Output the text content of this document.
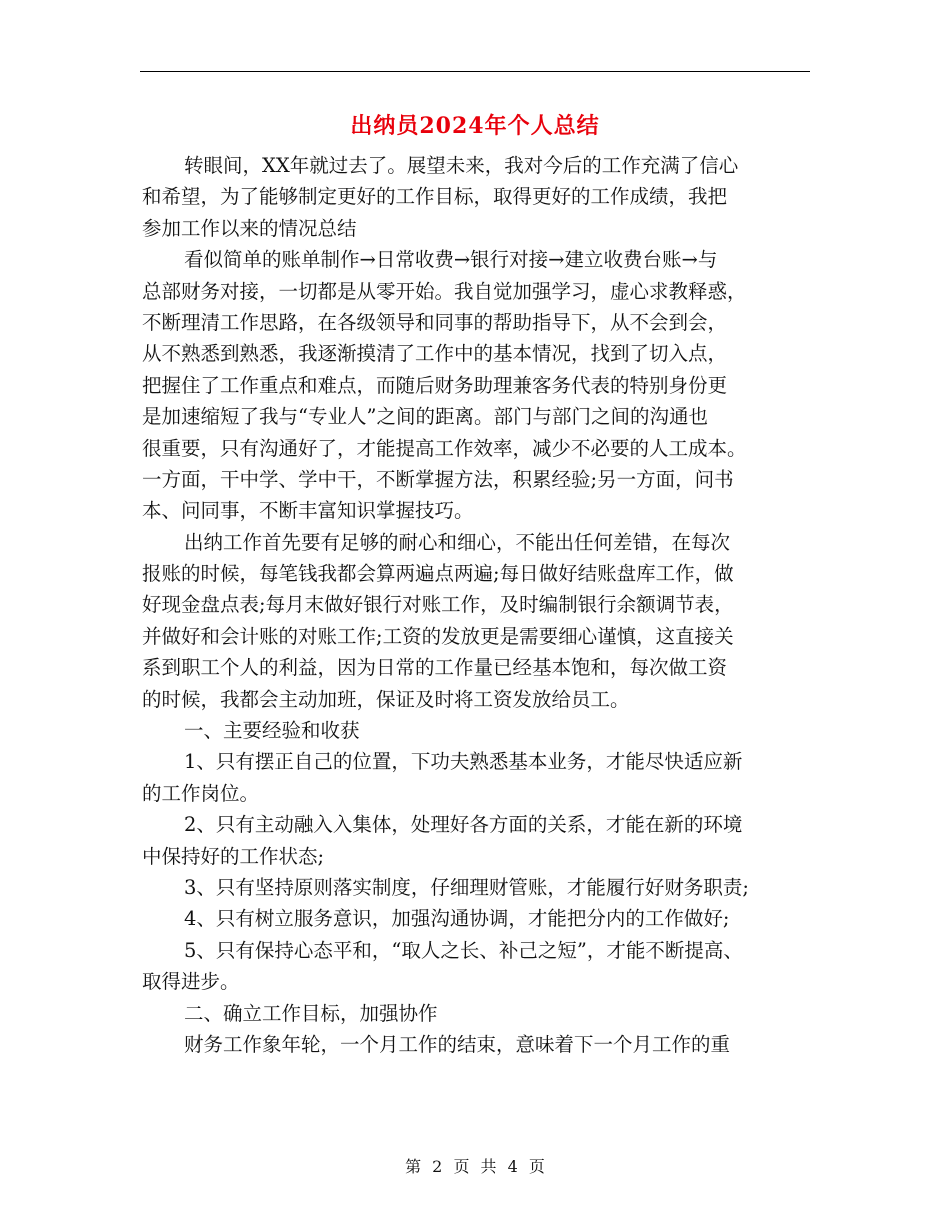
出纳员2024年个人总结
转眼间，XX年就过去了。展望未来，我对今后的工作充满了信心
和希望，为了能够制定更好的工作目标，取得更好的工作成绩，我把
参加工作以来的情况总结
看似简单的账单制作→日常收费→银行对接→建立收费台账→与
总部财务对接，一切都是从零开始。我自觉加强学习，虚心求教释惑，
不断理清工作思路，在各级领导和同事的帮助指导下，从不会到会，
从不熟悉到熟悉，我逐渐摸清了工作中的基本情况，找到了切入点，
把握住了工作重点和难点，而随后财务助理兼客务代表的特别身份更
是加速缩短了我与“专业人”之间的距离。部门与部门之间的沟通也
很重要，只有沟通好了，才能提高工作效率，减少不必要的人工成本。
一方面，干中学、学中干，不断掌握方法，积累经验;另一方面，问书
本、问同事，不断丰富知识掌握技巧。
出纳工作首先要有足够的耐心和细心，不能出任何差错，在每次
报账的时候，每笔钱我都会算两遍点两遍;每日做好结账盘库工作，做
好现金盘点表;每月末做好银行对账工作，及时编制银行余额调节表，
并做好和会计账的对账工作;工资的发放更是需要细心谨慎，这直接关
系到职工个人的利益，因为日常的工作量已经基本饱和，每次做工资
的时候，我都会主动加班，保证及时将工资发放给员工。
一、主要经验和收获
1、只有摆正自己的位置，下功夫熟悉基本业务，才能尽快适应新
的工作岗位。
2、只有主动融入入集体，处理好各方面的关系，才能在新的环境
中保持好的工作状态;
3、只有坚持原则落实制度，仔细理财管账，才能履行好财务职责;
4、只有树立服务意识，加强沟通协调，才能把分内的工作做好;
5、只有保持心态平和，“取人之长、补己之短”，才能不断提高、
取得进步。
二、确立工作目标，加强协作
财务工作象年轮，一个月工作的结束，意味着下一个月工作的重
第 2 页 共 4 页
